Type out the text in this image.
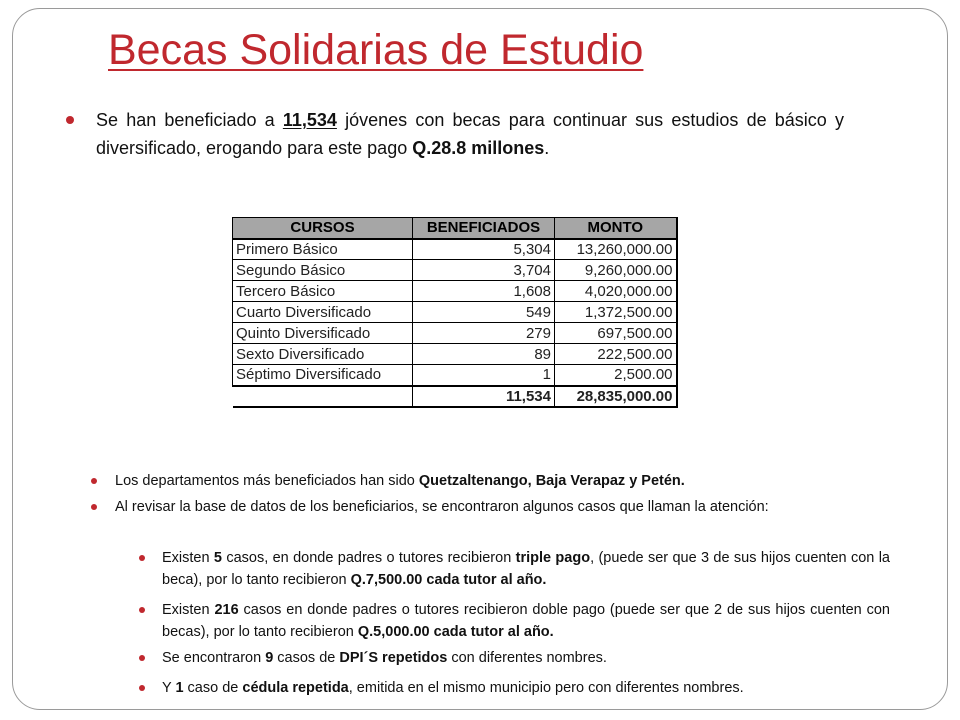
Becas Solidarias de Estudio
Se han beneficiado a 11,534 jóvenes con becas para continuar sus estudios de básico y diversificado, erogando para este pago Q.28.8 millones.
CURSOS	BENEFICIADOS	MONTO
Primero Básico	5,304	13,260,000.00
Segundo Básico	3,704	9,260,000.00
Tercero Básico	1,608	4,020,000.00
Cuarto Diversificado	549	1,372,500.00
Quinto Diversificado	279	697,500.00
Sexto Diversificado	89	222,500.00
Séptimo Diversificado	1	2,500.00
	11,534	28,835,000.00
Los departamentos más beneficiados han sido Quetzaltenango, Baja Verapaz y Petén.
Al revisar la base de datos de los beneficiarios, se encontraron algunos casos que llaman la atención:
Existen 5 casos, en donde padres o tutores recibieron triple pago, (puede ser que 3 de sus hijos cuenten con la beca), por lo tanto recibieron Q.7,500.00 cada tutor al año.
Existen 216 casos en donde padres o tutores recibieron doble pago (puede ser que 2 de sus hijos cuenten con becas), por lo tanto recibieron Q.5,000.00 cada tutor al año.
Se encontraron 9 casos de DPI´S repetidos con diferentes nombres.
Y 1 caso de cédula repetida, emitida en el mismo municipio pero con diferentes nombres.
